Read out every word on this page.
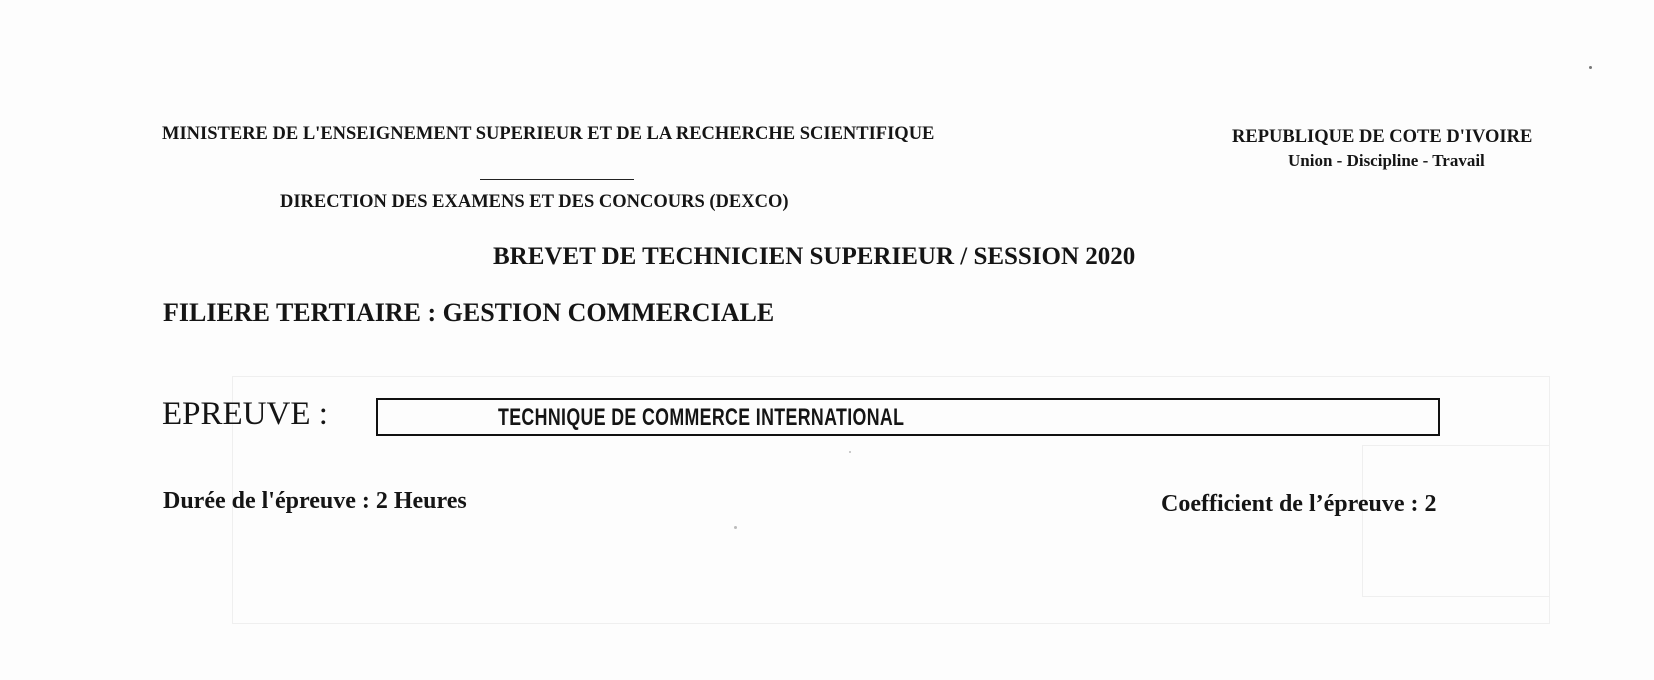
MINISTERE DE L'ENSEIGNEMENT SUPERIEUR ET DE LA RECHERCHE SCIENTIFIQUE	REPUBLIQUE DE COTE D'IVOIRE
Union - Discipline - Travail
DIRECTION DES EXAMENS ET DES CONCOURS (DEXCO)
BREVET DE TECHNICIEN SUPERIEUR / SESSION 2020
FILIERE TERTIAIRE : GESTION COMMERCIALE
EPREUVE :	TECHNIQUE DE COMMERCE INTERNATIONAL
Durée de l'épreuve : 2 Heures	Coefficient de l’épreuve : 2
